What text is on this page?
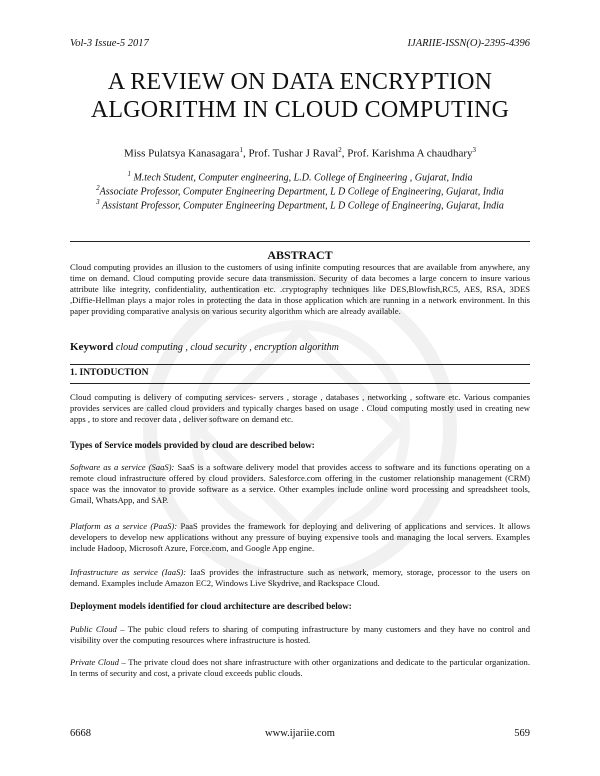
Vol-3 Issue-5 2017	IJARIIE-ISSN(O)-2395-4396
A REVIEW ON DATA ENCRYPTION
ALGORITHM IN CLOUD COMPUTING
Miss Pulatsya Kanasagara$^1$, Prof. Tushar J Raval$^2$, Prof. Karishma A chaudhary$^3$
$^1$ M.tech Student, Computer engineering, L.D. College of Engineering , Gujarat, India
$^2$Associate Professor, Computer Engineering Department, L D College of Engineering, Gujarat, India
$^3$ Assistant Professor, Computer Engineering Department, L D College of Engineering, Gujarat, India
ABSTRACT
Cloud computing provides an illusion to the customers of using infinite computing resources that are available from anywhere, any time on demand. Cloud computing provide secure data transmission. Security of data becomes a large concern to insure various attribute like integrity, confidentiality, authentication etc. .cryptography techniques like DES,Blowfish,RC5, AES, RSA, 3DES ,Diffie-Hellman plays a major roles in protecting the data in those application which are running in a network environment. In this paper providing comparative analysis on various security algorithm which are already available.
Keyword cloud computing , cloud security , encryption algorithm
1. INTODUCTION
Cloud computing is delivery of computing services- servers , storage , databases , networking , software etc. Various companies provides services are called cloud providers and typically charges based on usage . Cloud computing mostly used in creating new apps , to store and recover data , deliver software on demand etc.
Types of Service models provided by cloud are described below:
Software as a service (SaaS): SaaS is a software delivery model that provides access to software and its functions operating on a remote cloud infrastructure offered by cloud providers. Salesforce.com offering in the customer relationship management (CRM) space was the innovator to provide software as a service. Other examples include online word processing and spreadsheet tools, Gmail, WhatsApp, and SAP.
Platform as a service (PaaS): PaaS provides the framework for deploying and delivering of applications and services. It allows developers to develop new applications without any pressure of buying expensive tools and managing the local servers. Examples include Hadoop, Microsoft Azure, Force.com, and Google App engine.
Infrastructure as service (IaaS): IaaS provides the infrastructure such as network, memory, storage, processor to the users on demand. Examples include Amazon EC2, Windows Live Skydrive, and Rackspace Cloud.
Deployment models identified for cloud architecture are described below:
Public Cloud – The pubic cloud refers to sharing of computing infrastructure by many customers and they have no control and visibility over the computing resources where infrastructure is hosted.
Private Cloud – The private cloud does not share infrastructure with other organizations and dedicate to the particular organization. In terms of security and cost, a private cloud exceeds public clouds.
6668	www.ijariie.com	569
